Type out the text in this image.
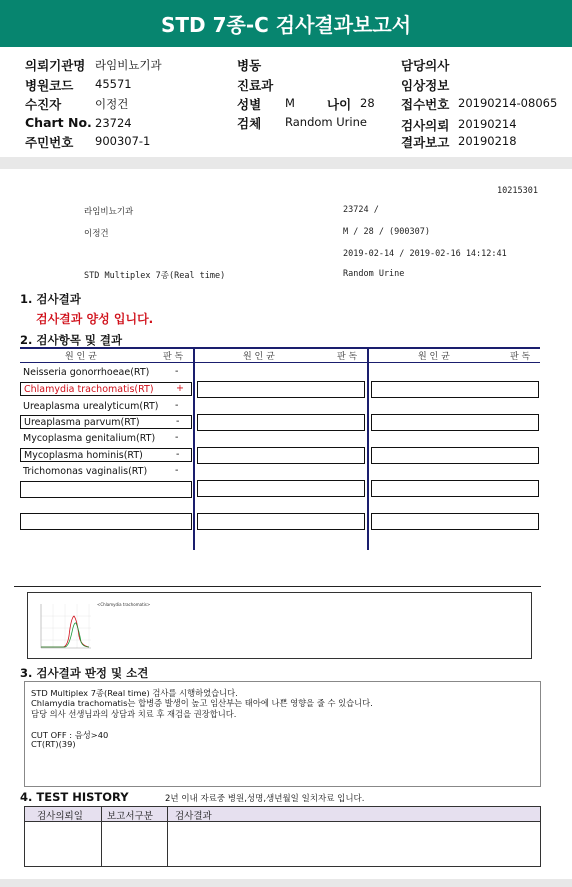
STD 7종-C 검사결과보고서
의뢰기관명 라임비뇨기과
병원코드 45571
수진자	이정건
Chart No. 23724
주민번호 900307-1
병동
진료과
성별 M	나이 28
검체 Random Urine
담당의사
임상정보
접수번호 20190214-08065
검사의뢰 20190214
결과보고 20190218
10215301
라임비뇨기과	23724 /
이정건	M / 28 / (900307)
2019-02-14 / 2019-02-16 14:12:41
STD Multiplex 7종(Real time)	Random Urine
1. 검사결과
검사결과 양성 입니다.
2. 검사항목 및 결과
원 인 균	판 독	원 인 균	판 독	원 인 균	판 독
Neisseria gonorrhoeae(RT)	-
Chlamydia trachomatis(RT) +
Ureaplasma urealyticum(RT) -
Ureaplasma parvum(RT)	-
Mycoplasma genitalium(RT) -
Mycoplasma hominis(RT)	-
Trichomonas vaginalis(RT)	-
<Chlamydia trachomatis>
3. 검사결과 판정 및 소견
STD Multiplex 7종(Real time) 검사를 시행하였습니다.
Chlamydia trachomatis는 합병증 발생이 높고 임산부는 태아에 나쁜 영향을 줄 수 있습니다.
담당 의사 선생님과의 상담과 치료 후 재검을 권장합니다.
CUT OFF : 음성>40
CT(RT)(39)
4. TEST HISTORY	2년 이내 자료중 병원,성명,생년월일 일치자료 입니다.
검사의뢰일	보고서구분 검사결과
